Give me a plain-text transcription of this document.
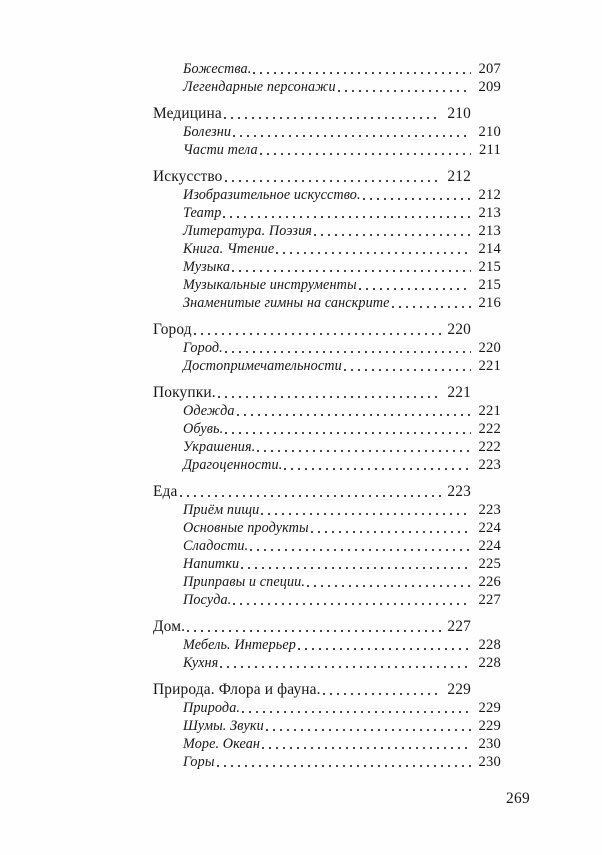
Божества.	207
Легендарные персонажи	209
Медицина	210
Болезни	210
Части тела	211
Искусство	212
Изобразительное искусство.	212
Театр	213
Литература. Поэзия	213
Книга. Чтение	214
Музыка	215
Музыкальные инструменты	215
Знаменитые гимны на санскрите	216
Город	220
Город.	220
Достопримечательности	221
Покупки.	221
Одежда	221
Обувь.	222
Украшения.	222
Драгоценности.	223
Еда	223
Приём пищи	223
Основные продукты	224
Сладости.	224
Напитки	225
Приправы и специи.	226
Посуда.	227
Дом.	227
Мебель. Интерьер	228
Кухня	228
Природа. Флора и фауна.	229
Природа.	229
Шумы. Звуки	229
Море. Океан	230
Горы	230
269
